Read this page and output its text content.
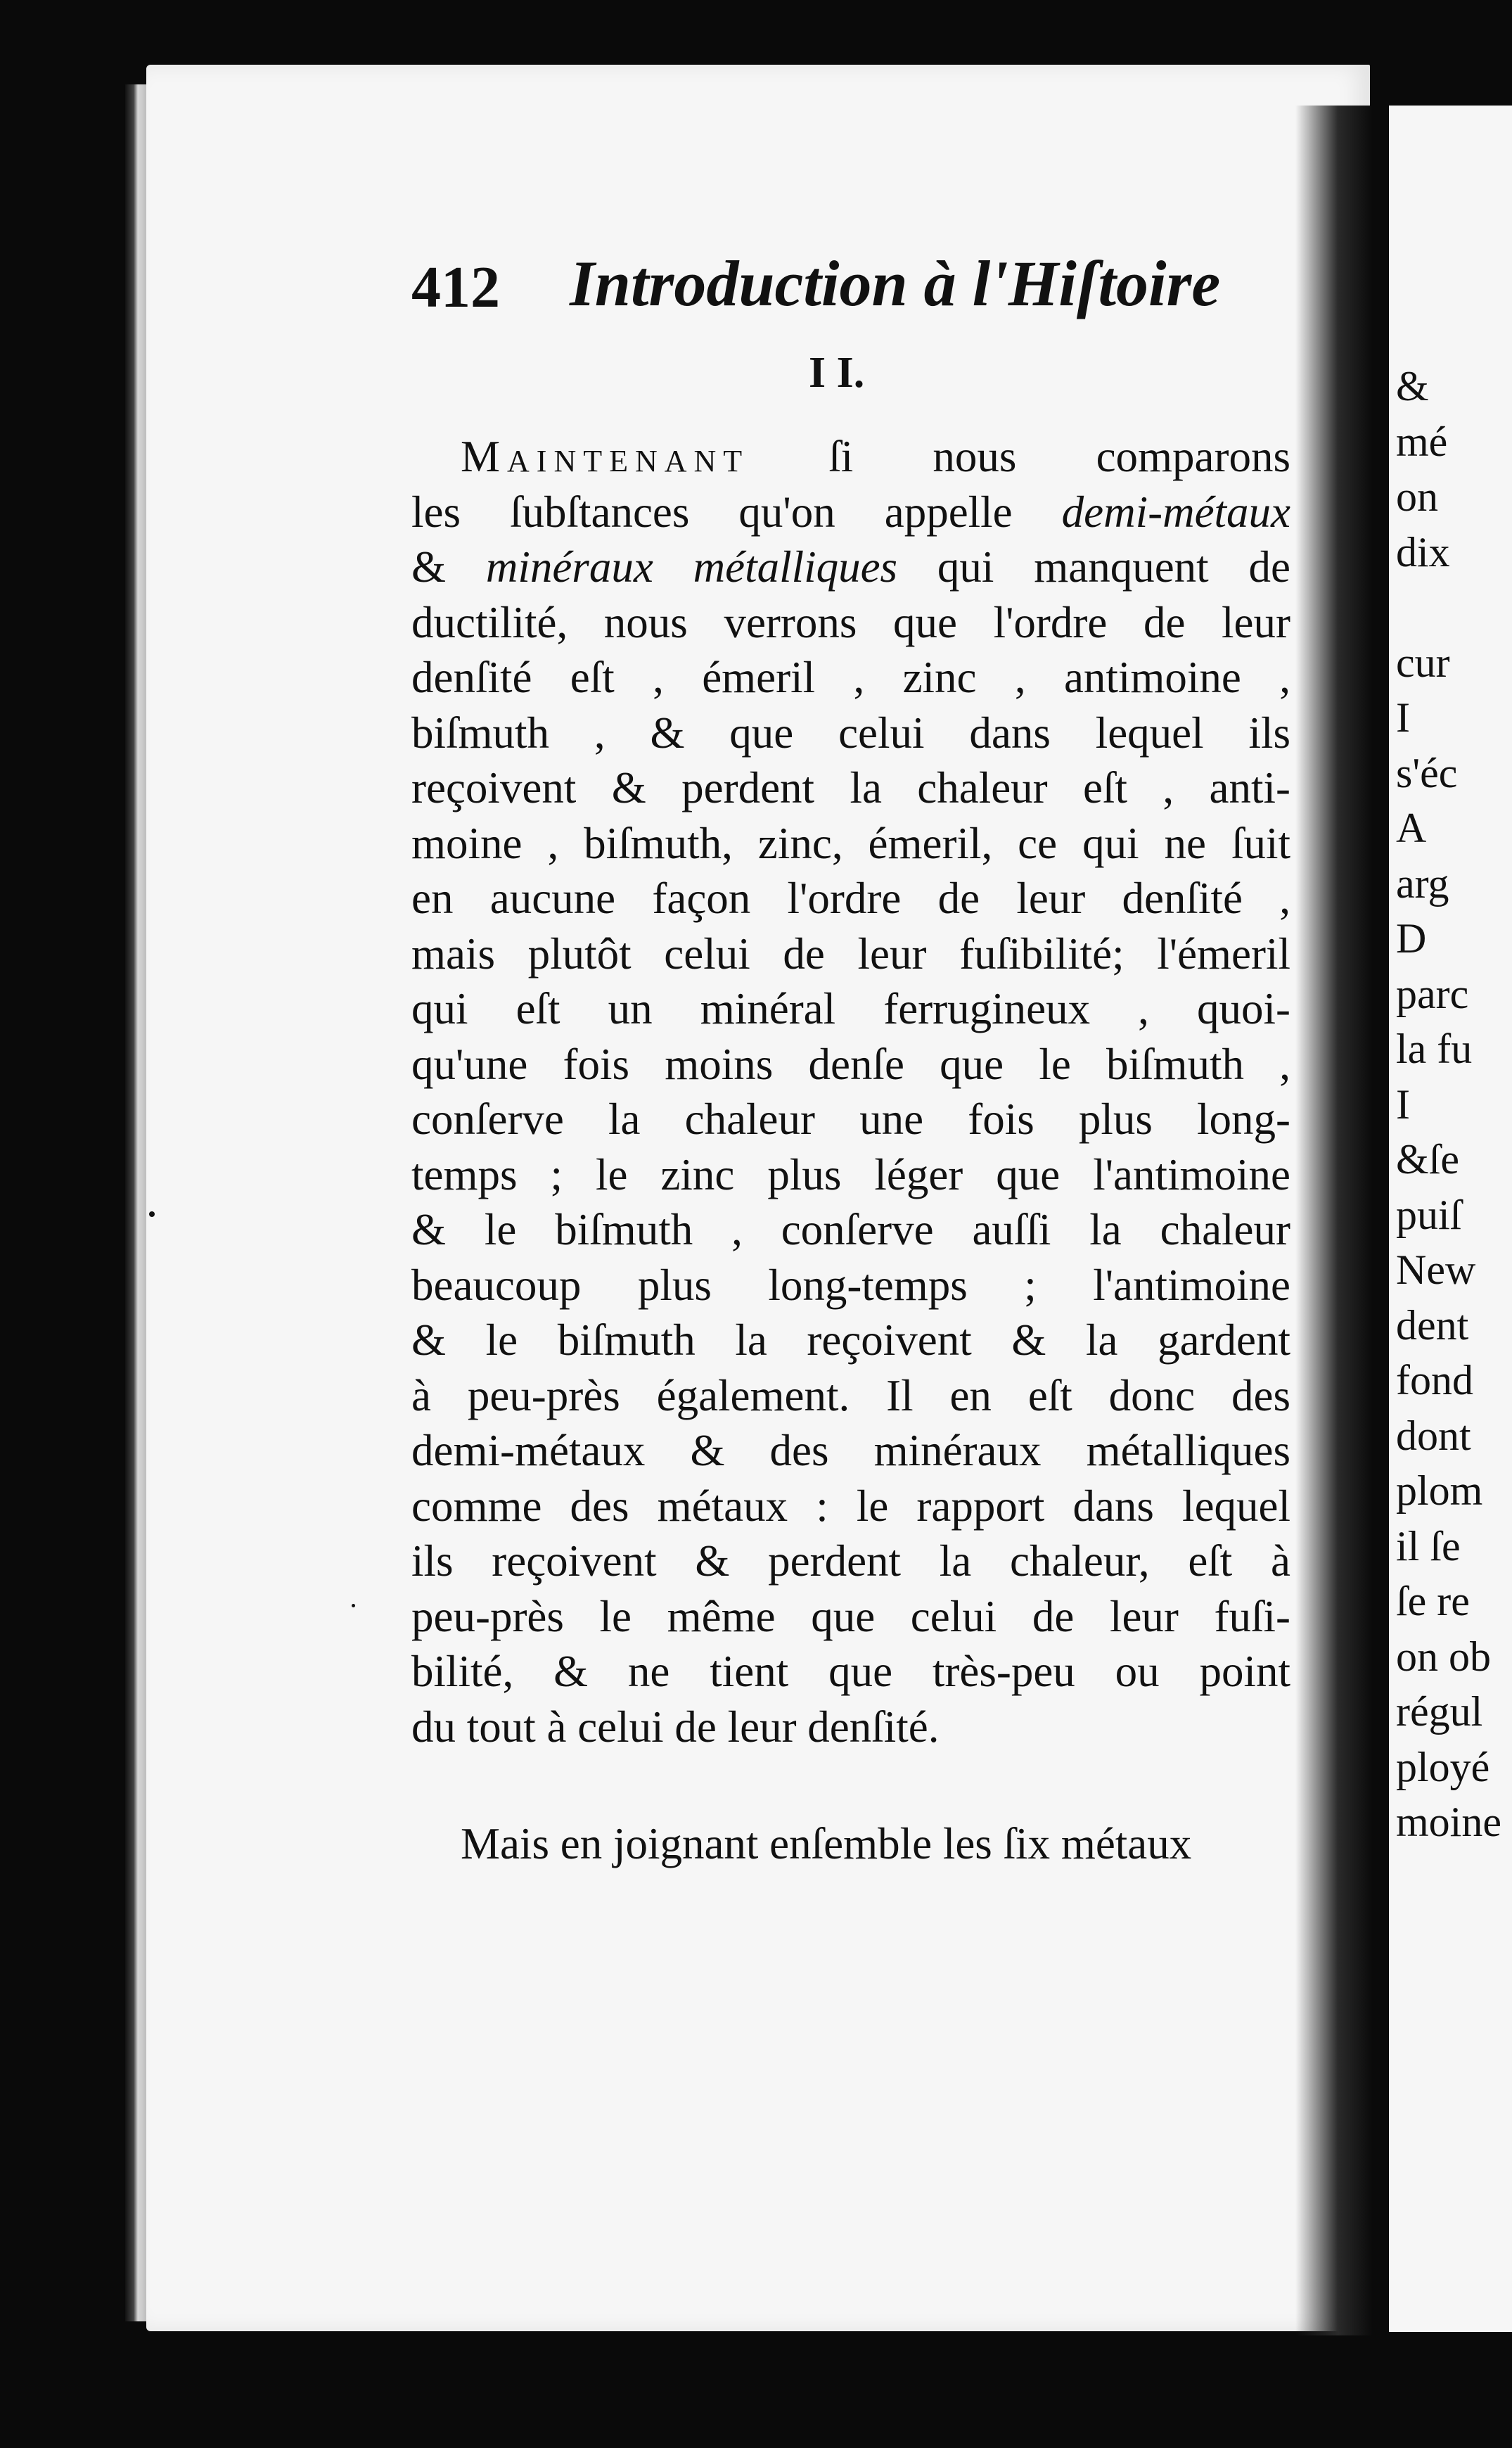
&
mé
on
dix
cur
I
s'éc
A
arg
D
parc
la fu
I
&ſe
puiſ
New
dent
fond
dont
plom
il ſe
ſe re
on ob
régul
ployé
moine
412 Introduction à l'Hiſtoire
I I.
Maintenant ſi nous comparons
les ſubſtances qu'on appelle demi-métaux
& minéraux métalliques qui manquent de
ductilité, nous verrons que l'ordre de leur
denſité eſt , émeril , zinc , antimoine ,
biſmuth , & que celui dans lequel ils
reçoivent & perdent la chaleur eſt , anti-
moine , biſmuth, zinc, émeril, ce qui ne ſuit
en aucune façon l'ordre de leur denſité ,
mais plutôt celui de leur fuſibilité; l'émeril
qui eſt un minéral ferrugineux , quoi-
qu'une fois moins denſe que le biſmuth ,
conſerve la chaleur une fois plus long-
temps ; le zinc plus léger que l'antimoine
& le biſmuth , conſerve auſſi la chaleur
beaucoup plus long-temps ; l'antimoine
& le biſmuth la reçoivent & la gardent
à peu-près également. Il en eſt donc des
demi-métaux & des minéraux métalliques
comme des métaux : le rapport dans lequel
ils reçoivent & perdent la chaleur, eſt à
peu-près le même que celui de leur fuſi-
bilité, & ne tient que très-peu ou point
du tout à celui de leur denſité.
Mais en joignant enſemble les ſix métaux
